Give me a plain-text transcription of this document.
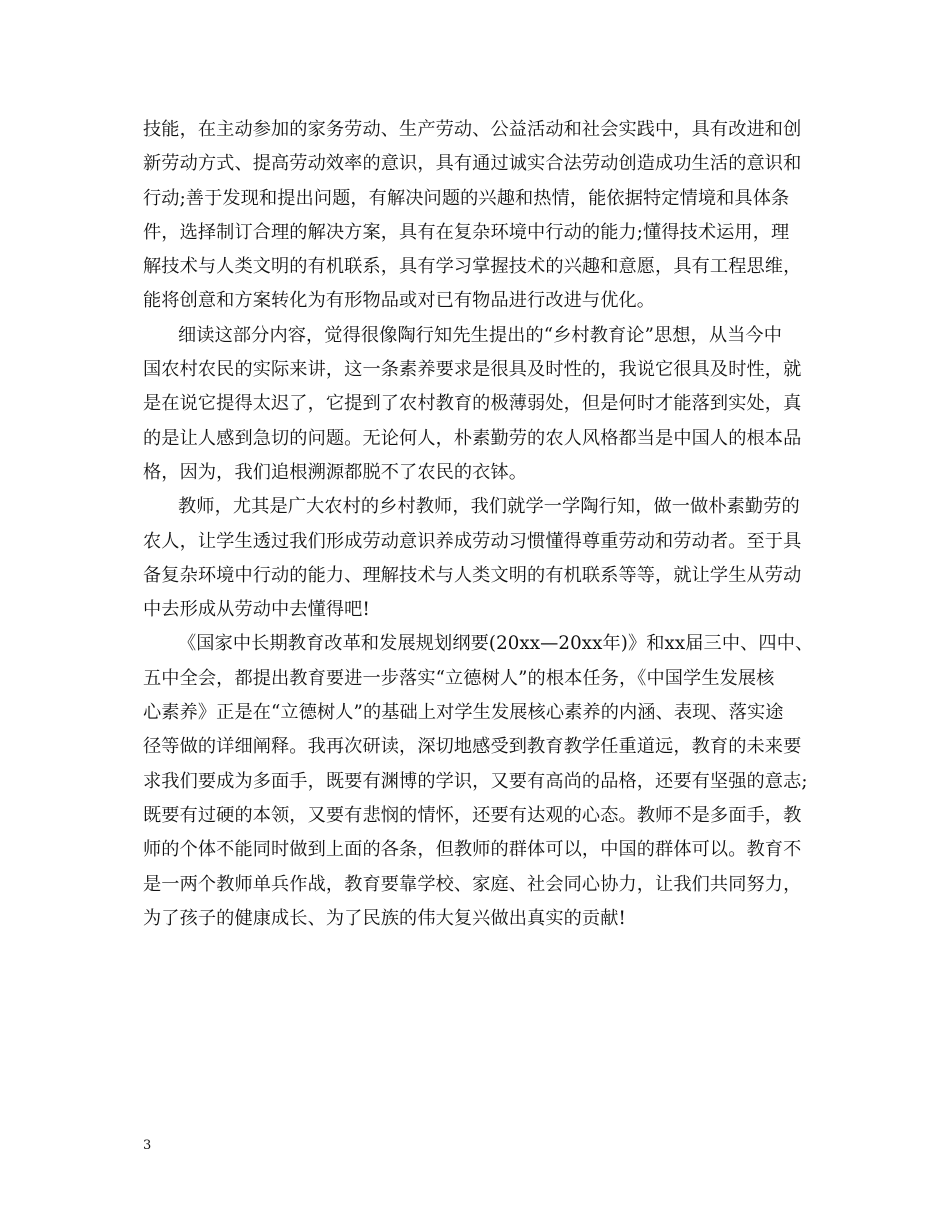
技能，在主动参加的家务劳动、生产劳动、公益活动和社会实践中，具有改进和创
新劳动方式、提高劳动效率的意识，具有通过诚实合法劳动创造成功生活的意识和
行动;善于发现和提出问题，有解决问题的兴趣和热情，能依据特定情境和具体条
件，选择制订合理的解决方案，具有在复杂环境中行动的能力;懂得技术运用，理
解技术与人类文明的有机联系，具有学习掌握技术的兴趣和意愿，具有工程思维，
能将创意和方案转化为有形物品或对已有物品进行改进与优化。
细读这部分内容，觉得很像陶行知先生提出的“乡村教育论”思想，从当今中
国农村农民的实际来讲，这一条素养要求是很具及时性的，我说它很具及时性，就
是在说它提得太迟了，它提到了农村教育的极薄弱处，但是何时才能落到实处，真
的是让人感到急切的问题。无论何人，朴素勤劳的农人风格都当是中国人的根本品
格，因为，我们追根溯源都脱不了农民的衣钵。
教师，尤其是广大农村的乡村教师，我们就学一学陶行知，做一做朴素勤劳的
农人，让学生透过我们形成劳动意识养成劳动习惯懂得尊重劳动和劳动者。至于具
备复杂环境中行动的能力、理解技术与人类文明的有机联系等等，就让学生从劳动
中去形成从劳动中去懂得吧!
《国家中长期教育改革和发展规划纲要(20xx—20xx年)》和xx届三中、四中、
五中全会，都提出教育要进一步落实“立德树人”的根本任务，《中国学生发展核
心素养》正是在“立德树人”的基础上对学生发展核心素养的内涵、表现、落实途
径等做的详细阐释。我再次研读，深切地感受到教育教学任重道远，教育的未来要
求我们要成为多面手，既要有渊博的学识，又要有高尚的品格，还要有坚强的意志;
既要有过硬的本领，又要有悲悯的情怀，还要有达观的心态。教师不是多面手，教
师的个体不能同时做到上面的各条，但教师的群体可以，中国的群体可以。教育不
是一两个教师单兵作战，教育要靠学校、家庭、社会同心协力，让我们共同努力，
为了孩子的健康成长、为了民族的伟大复兴做出真实的贡献!
3
